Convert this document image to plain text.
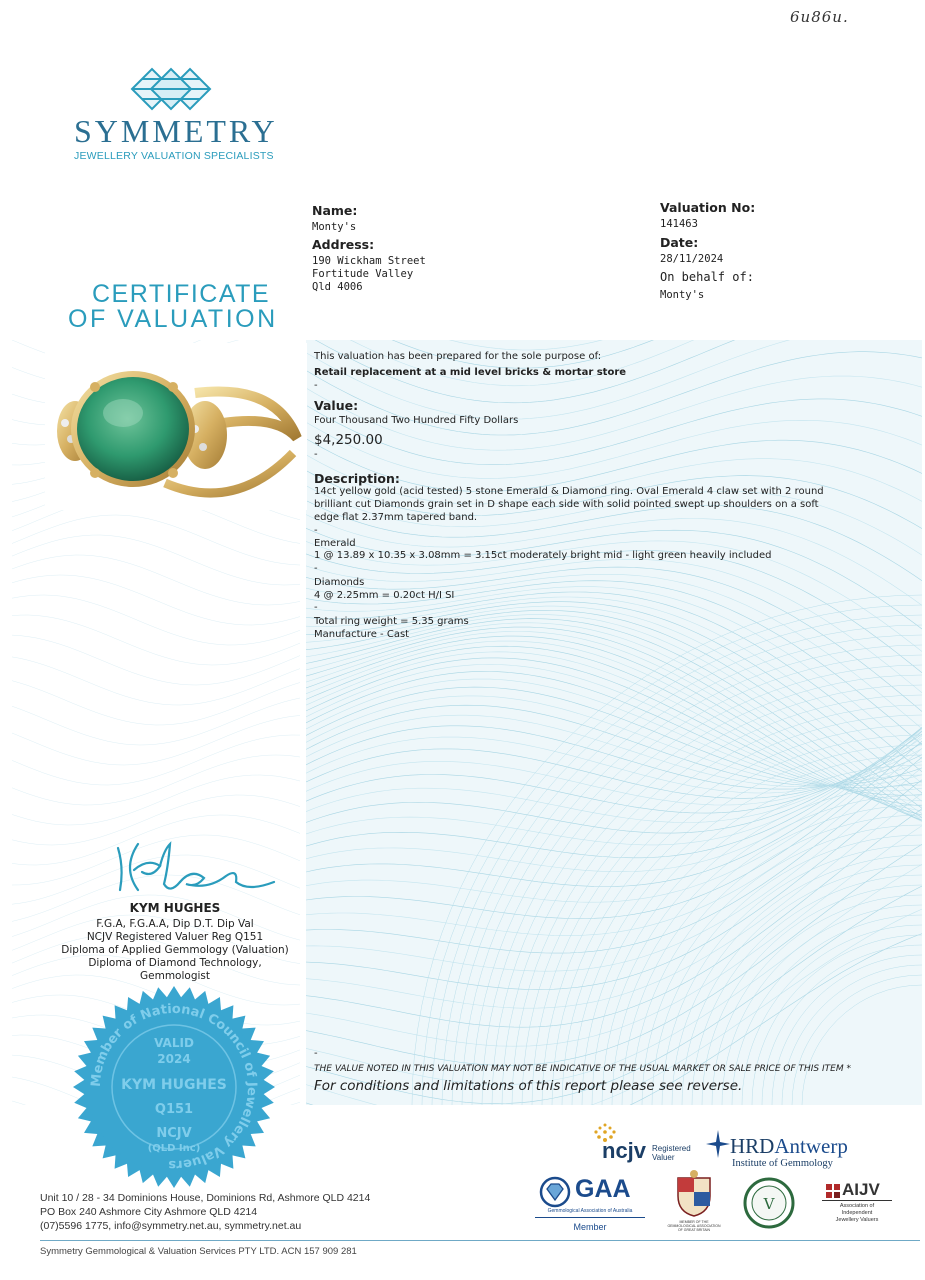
6u86u.
SYMMETRY
JEWELLERY VALUATION SPECIALISTS
CERTIFICATE
OF VALUATION
Name:
Monty's
Address:
190 Wickham Street
Fortitude Valley
Qld 4006
Valuation No:
141463
Date:
28/11/2024
On behalf of:
Monty's
This valuation has been prepared for the sole purpose of:
Retail replacement at a mid level bricks & mortar store
-
Value:
Four Thousand Two Hundred Fifty Dollars
$4,250.00
-
Description:
14ct yellow gold (acid tested) 5 stone Emerald & Diamond ring. Oval Emerald 4 claw set with 2 round
brilliant cut Diamonds grain set in D shape each side with solid pointed swept up shoulders on a soft
edge flat 2.37mm tapered band.
-
Emerald
1 @ 13.89 x 10.35 x 3.08mm = 3.15ct moderately bright mid - light green heavily included
-
Diamonds
4 @ 2.25mm = 0.20ct H/I SI
-
Total ring weight = 5.35 grams
Manufacture - Cast
-
THE VALUE NOTED IN THIS VALUATION MAY NOT BE INDICATIVE OF THE USUAL MARKET OR SALE PRICE OF THIS ITEM *
For conditions and limitations of this report please see reverse.
KYM HUGHES
F.G.A, F.G.A.A, Dip D.T. Dip Val
NCJV Registered Valuer Reg Q151
Diploma of Applied Gemmology (Valuation)
Diploma of Diamond Technology,
Gemmologist
Member of National Council of Jewellery Valuers
VALID
2024
KYM HUGHES
Q151
NCJV
(QLD Inc)	ncjv Registered
Valuer	HRDAntwerp
Institute of Gemmology
GAA
Gemmological Association of Australia
Member	MEMBER OF THE GEMMOLOGICAL ASSOCIATION OF GREAT BRITAIN
V
AIJV
Association of
Independent
Jewellery Valuers
Unit 10 / 28 - 34 Dominions House, Dominions Rd, Ashmore QLD 4214
PO Box 240 Ashmore City Ashmore QLD 4214
(07)5596 1775, info@symmetry.net.au, symmetry.net.au
Symmetry Gemmological & Valuation Services PTY LTD. ACN 157 909 281
